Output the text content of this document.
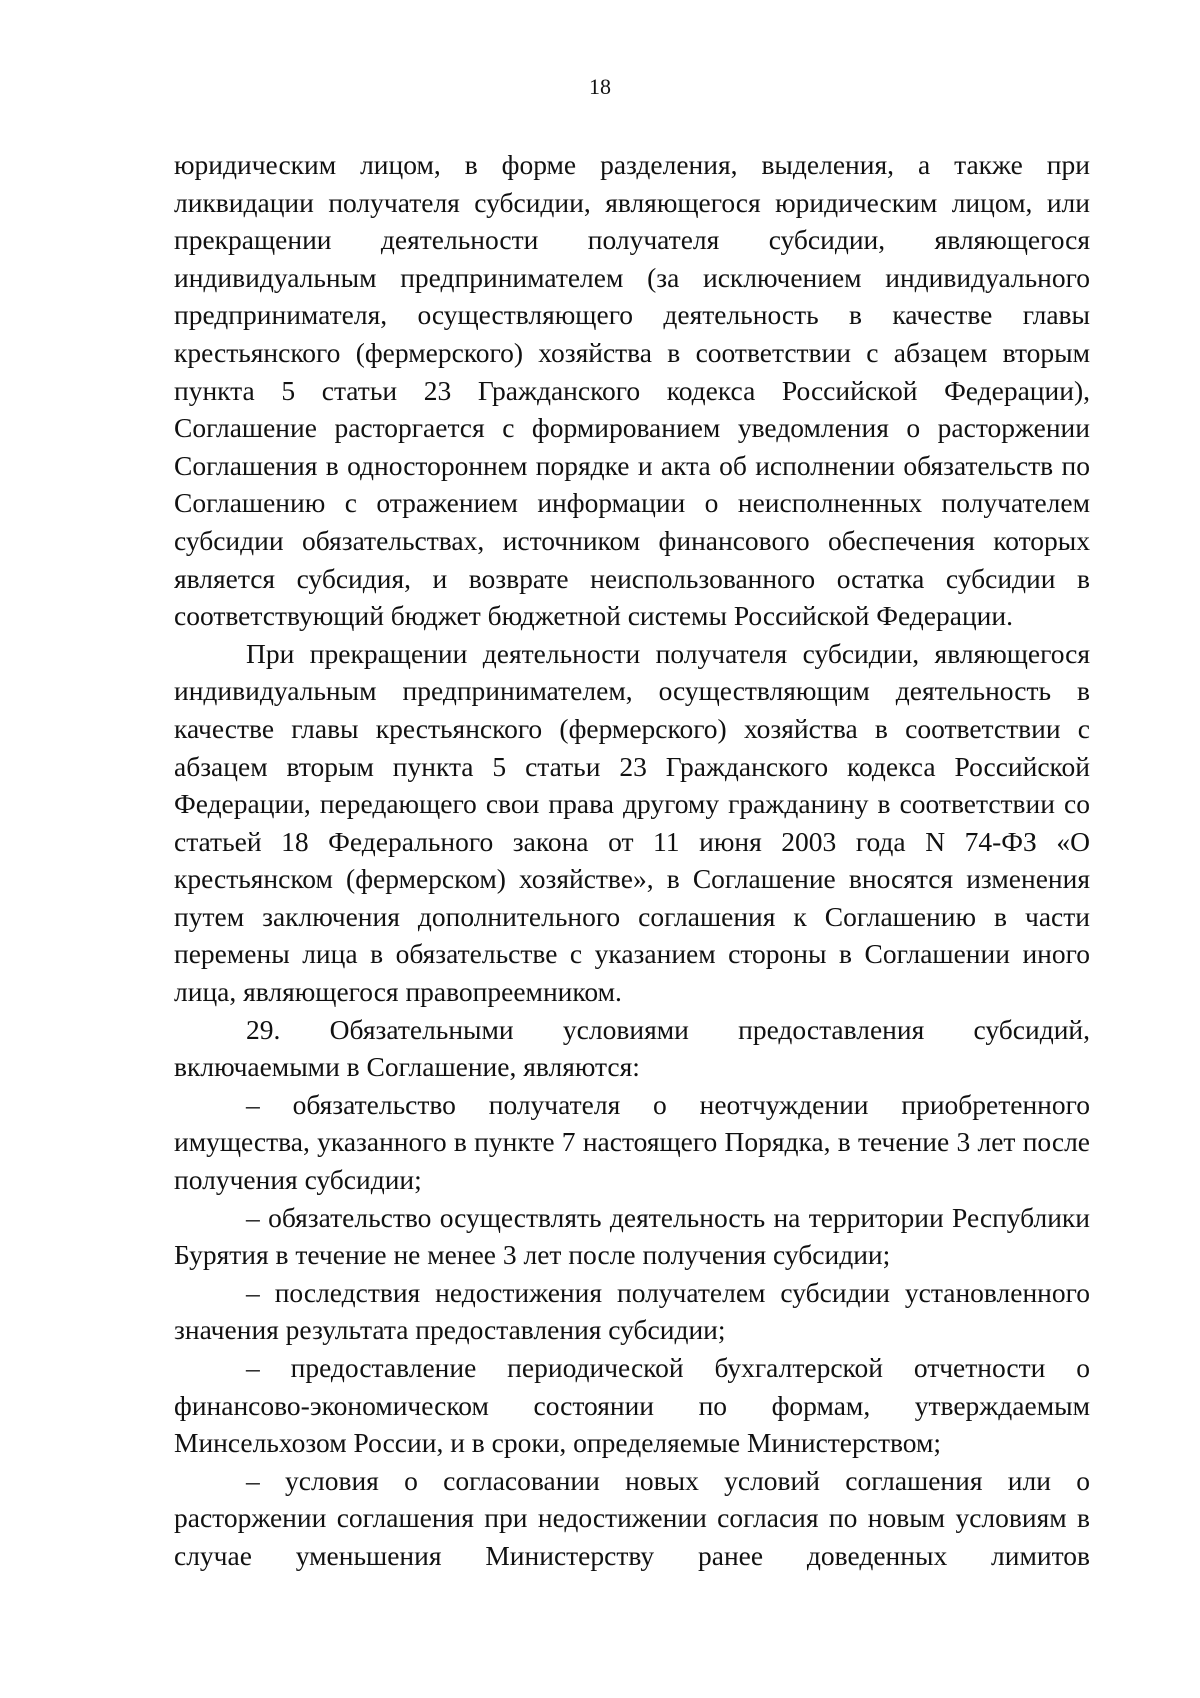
18

юридическим лицом, в форме разделения, выделения, а также при ликвидации получателя субсидии, являющегося юридическим лицом, или прекращении деятельности получателя субсидии, являющегося индивидуальным предпринимателем (за исключением индивидуального предпринимателя, осуществляющего деятельность в качестве главы крестьянского (фермерского) хозяйства в соответствии с абзацем вторым пункта 5 статьи 23 Гражданского кодекса Российской Федерации), Соглашение расторгается с формированием уведомления о расторжении Соглашения в одностороннем порядке и акта об исполнении обязательств по Соглашению с отражением информации о неисполненных получателем субсидии обязательствах, источником финансового обеспечения которых является субсидия, и возврате неиспользованного остатка субсидии в соответствующий бюджет бюджетной системы Российской Федерации.

При прекращении деятельности получателя субсидии, являющегося индивидуальным предпринимателем, осуществляющим деятельность в качестве главы крестьянского (фермерского) хозяйства в соответствии с абзацем вторым пункта 5 статьи 23 Гражданского кодекса Российской Федерации, передающего свои права другому гражданину в соответствии со статьей 18 Федерального закона от 11 июня 2003 года N 74-ФЗ «О крестьянском (фермерском) хозяйстве», в Соглашение вносятся изменения путем заключения дополнительного соглашения к Соглашению в части перемены лица в обязательстве с указанием стороны в Соглашении иного лица, являющегося правопреемником.

29. Обязательными условиями предоставления субсидий, включаемыми в Соглашение, являются:

– обязательство получателя о неотчуждении приобретенного имущества, указанного в пункте 7 настоящего Порядка, в течение 3 лет после получения субсидии;

– обязательство осуществлять деятельность на территории Республики Бурятия в течение не менее 3 лет после получения субсидии;

– последствия недостижения получателем субсидии установленного значения результата предоставления субсидии;

– предоставление периодической бухгалтерской отчетности о финансово-экономическом состоянии по формам, утверждаемым Минсельхозом России, и в сроки, определяемые Министерством;

– условия о согласовании новых условий соглашения или о расторжении соглашения при недостижении согласия по новым условиям в случае уменьшения Министерству ранее доведенных лимитов
